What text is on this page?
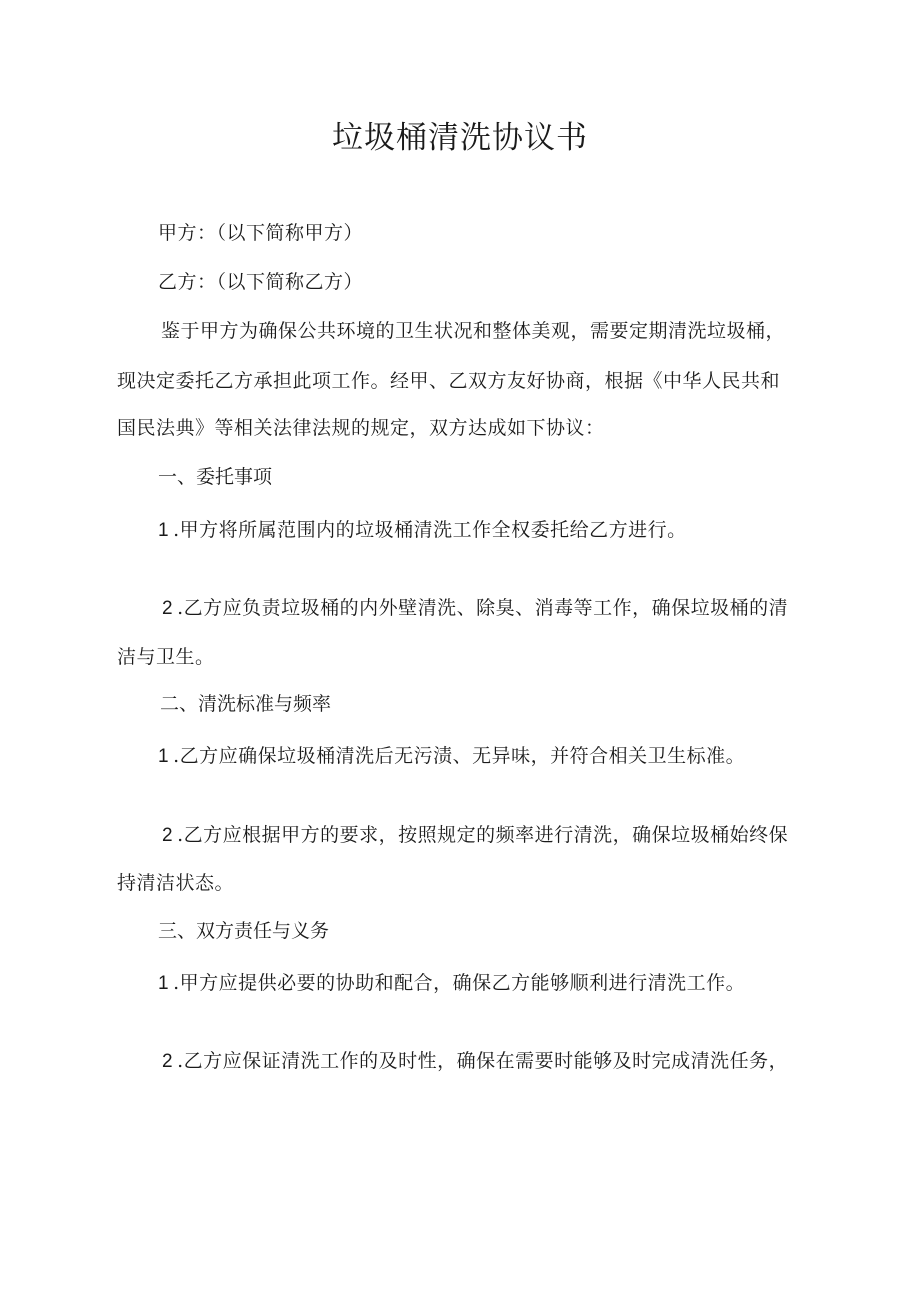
垃圾桶清洗协议书
甲方：（以下简称甲方）
乙方：（以下简称乙方）
鉴于甲方为确保公共环境的卫生状况和整体美观，需要定期清洗垃圾桶，
现决定委托乙方承担此项工作。经甲、乙双方友好协商，根据《中华人民共和
国民法典》等相关法律法规的规定，双方达成如下协议：
一、委托事项
1 .甲方将所属范围内的垃圾桶清洗工作全权委托给乙方进行。
2 .乙方应负责垃圾桶的内外壁清洗、除臭、消毒等工作，确保垃圾桶的清
洁与卫生。
二、清洗标准与频率
1 .乙方应确保垃圾桶清洗后无污渍、无异味，并符合相关卫生标准。
2 .乙方应根据甲方的要求，按照规定的频率进行清洗，确保垃圾桶始终保
持清洁状态。
三、双方责任与义务
1 .甲方应提供必要的协助和配合，确保乙方能够顺利进行清洗工作。
2 .乙方应保证清洗工作的及时性，确保在需要时能够及时完成清洗任务，
